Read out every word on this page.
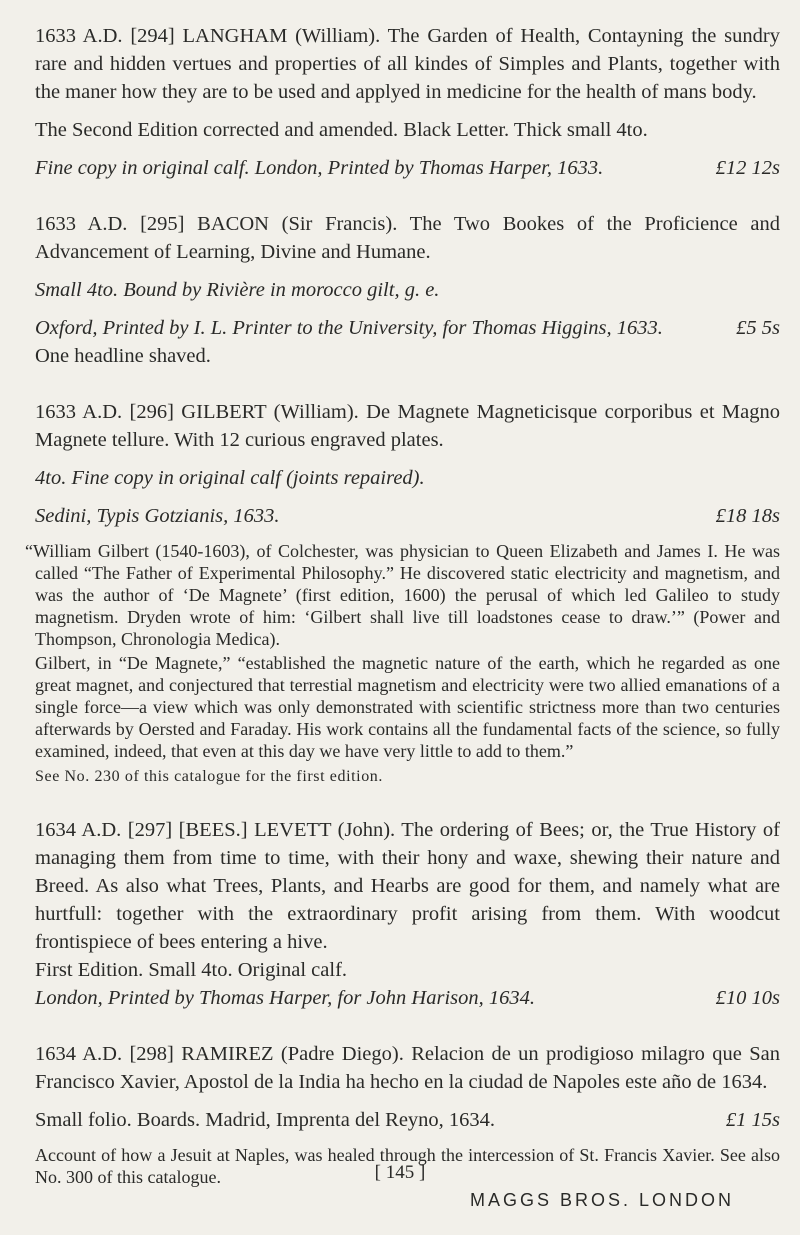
1633 A.D. [294] LANGHAM (William). The Garden of Health, Contayning the sundry rare and hidden vertues and properties of all kindes of Simples and Plants, together with the maner how they are to be used and applyed in medicine for the health of mans body.

The Second Edition corrected and amended. Black Letter. Thick small 4to.

£12 12s
Fine copy in original calf. London, Printed by Thomas Harper, 1633.

1633 A.D. [295] BACON (Sir Francis). The Two Bookes of the Proficience and Advancement of Learning, Divine and Humane.

Small 4to. Bound by Rivière in morocco gilt, g. e.

£5 5s
Oxford, Printed by I. L. Printer to the University, for Thomas Higgins, 1633.

One headline shaved.

1633 A.D. [296] GILBERT (William). De Magnete Magneticisque corporibus et Magno Magnete tellure. With 12 curious engraved plates.

4to. Fine copy in original calf (joints repaired).

£18 18s
Sedini, Typis Gotzianis, 1633.

“William Gilbert (1540-1603), of Colchester, was physician to Queen Elizabeth and James I. He was called “The Father of Experimental Philosophy.” He discovered static electricity and magnetism, and was the author of ‘De Magnete’ (first edition, 1600) the perusal of which led Galileo to study magnetism. Dryden wrote of him: ‘Gilbert shall live till loadstones cease to draw.’” (Power and Thompson, Chronologia Medica).

Gilbert, in “De Magnete,” “established the magnetic nature of the earth, which he regarded as one great magnet, and conjectured that terrestial magnetism and electricity were two allied emanations of a single force—a view which was only demonstrated with scientific strictness more than two centuries afterwards by Oersted and Faraday. His work contains all the fundamental facts of the science, so fully examined, indeed, that even at this day we have very little to add to them.”

See No. 230 of this catalogue for the first edition.

1634 A.D. [297] [BEES.] LEVETT (John). The ordering of Bees; or, the True History of managing them from time to time, with their hony and waxe, shewing their nature and Breed. As also what Trees, Plants, and Hearbs are good for them, and namely what are hurtfull: together with the extraordinary profit arising from them. With woodcut frontispiece of bees entering a hive.

First Edition. Small 4to. Original calf.

£10 10s
London, Printed by Thomas Harper, for John Harison, 1634.

1634 A.D. [298] RAMIREZ (Padre Diego). Relacion de un prodigioso milagro que San Francisco Xavier, Apostol de la India ha hecho en la ciudad de Napoles este año de 1634.

£1 15s
Small folio. Boards. Madrid, Imprenta del Reyno, 1634.

Account of how a Jesuit at Naples, was healed through the intercession of St. Francis Xavier. See also No. 300 of this catalogue.	[ 145 ]
MAGGS BROS. LONDON
